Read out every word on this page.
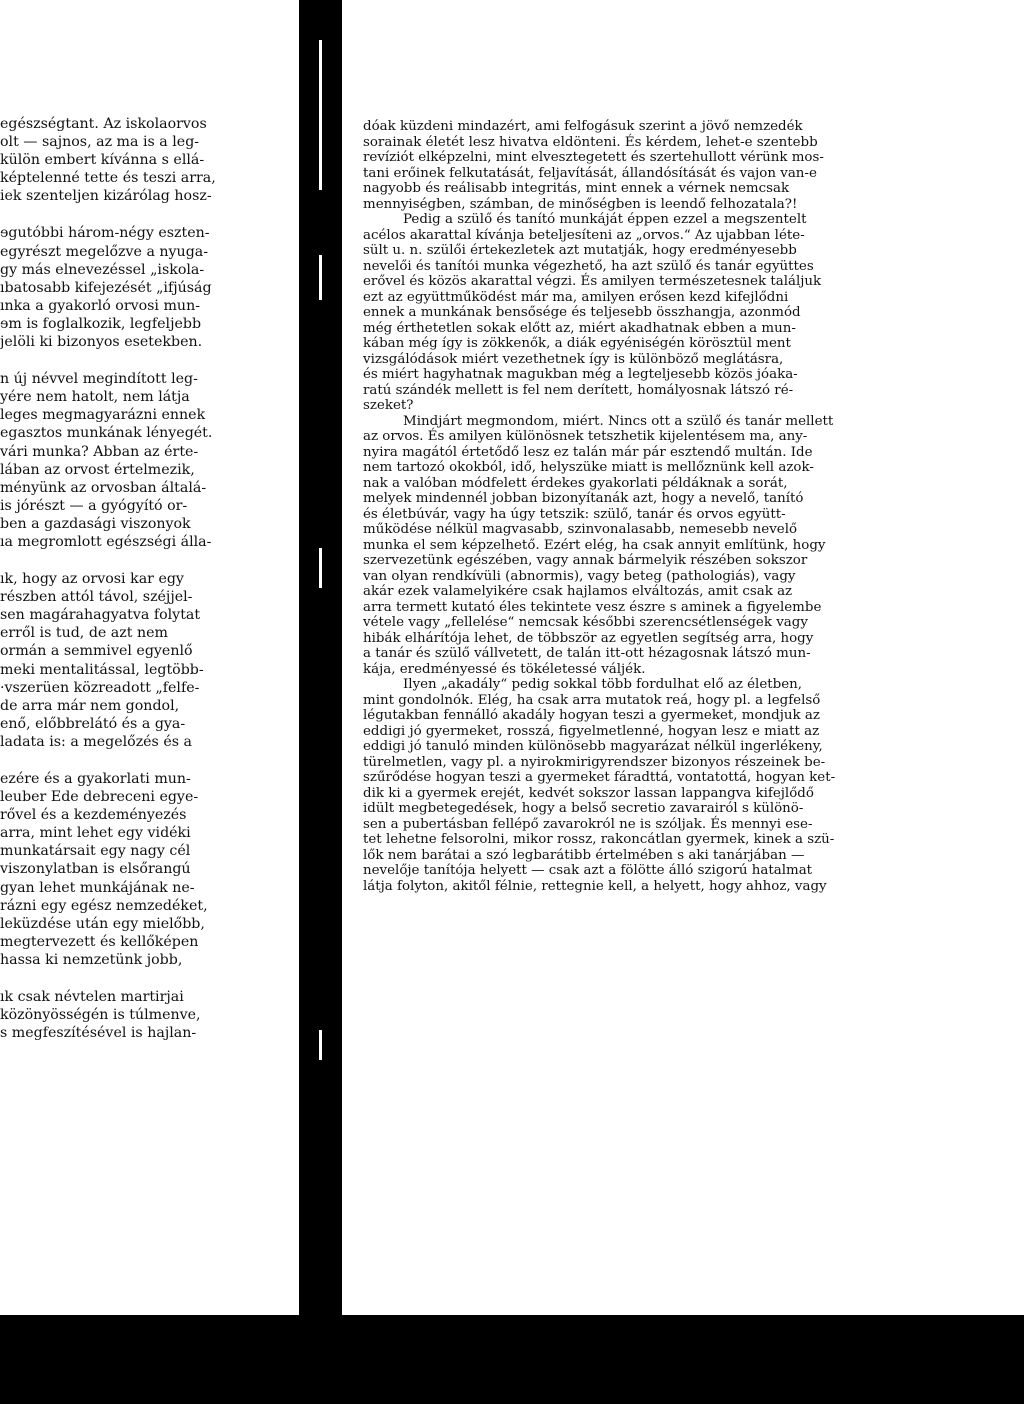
egészségtant. Az iskolaorvos
olt — sajnos, az ma is a leg-
külön embert kívánna s ellá-
képtelenné tette és teszi arra,
iek szenteljen kizárólag hosz-
ɘgutóbbi három-négy eszten-
egyrészt megelőzve a nyuga-
gy más elnevezéssel „iskola-
ıbatosabb kifejezését „ifjúság
ınka a gyakorló orvosi mun-
ɘm is foglalkozik, legfeljebb
jelöli ki bizonyos esetekben.
n új névvel megindított leg-
yére nem hatolt, nem látja
leges megmagyarázni ennek
egasztos munkának lényegét.
vári munka? Abban az érte-
lában az orvost értelmezik,
ményünk az orvosban általá-
is jórészt — a gyógyító or-
ben a gazdasági viszonyok
ıa megromlott egészségi álla-
ık, hogy az orvosi kar egy
részben attól távol, széjjel-
sen magárahagyatva folytat
erről is tud, de azt nem
ormán a semmivel egyenlő
meki mentalitással, legtöbb-
·vszerüen közreadott „felfe-
de arra már nem gondol,
enő, előbbrelátó és a gya-
ladata is: a megelőzés és a
ezére és a gyakorlati mun-
leuber Ede debreceni egye-
rővel és a kezdeményezés
arra, mint lehet egy vidéki
munkatársait egy nagy cél
viszonylatban is elsőrangú
gyan lehet munkájának ne-
rázni egy egész nemzedéket,
leküzdése után egy mielőbb,
megtervezett és kellőképen
hassa ki nemzetünk jobb,
ık csak névtelen martirjai
közönyösségén is túlmenve,
s megfeszítésével is hajlan-
dóak küzdeni mindazért, ami felfogásuk szerint a jövő nemzedék
sorainak életét lesz hivatva eldönteni. És kérdem, lehet-e szentebb
revíziót elképzelni, mint elvesztegetett és szertehullott vérünk mos-
tani erőinek felkutatását, feljavítását, állandósítását és vajon van-e
nagyobb és reálisabb integritás, mint ennek a vérnek nemcsak
mennyiségben, számban, de minőségben is leendő felhozatala?!
Pedig a szülő és tanító munkáját éppen ezzel a megszentelt
acélos akarattal kívánja beteljesíteni az „orvos.“ Az ujabban léte-
sült u. n. szülői értekezletek azt mutatják, hogy eredményesebb
nevelői és tanítói munka végezhető, ha azt szülő és tanár együttes
erővel és közös akarattal végzi. És amilyen természetesnek találjuk
ezt az együttműködést már ma, amilyen erősen kezd kifejlődni
ennek a munkának bensősége és teljesebb összhangja, azonmód
még érthetetlen sokak előtt az, miért akadhatnak ebben a mun-
kában még így is zökkenők, a diák egyéniségén körösztül ment
vizsgálódások miért vezethetnek így is különböző meglátásra,
és miért hagyhatnak magukban még a legteljesebb közös jóaka-
ratú szándék mellett is fel nem derített, homályosnak látszó ré-
szeket?
Mindjárt megmondom, miért. Nincs ott a szülő és tanár mellett
az orvos. És amilyen különösnek tetszhetik kijelentésem ma, any-
nyira magától értetődő lesz ez talán már pár esztendő multán. Ide
nem tartozó okokból, idő, helyszüke miatt is mellőznünk kell azok-
nak a valóban módfelett érdekes gyakorlati példáknak a sorát,
melyek mindennél jobban bizonyítanák azt, hogy a nevelő, tanító
és életbúvár, vagy ha úgy tetszik: szülő, tanár és orvos együtt-
működése nélkül magvasabb, szinvonalasabb, nemesebb nevelő
munka el sem képzelhető. Ezért elég, ha csak annyit említünk, hogy
szervezetünk egészében, vagy annak bármelyik részében sokszor
van olyan rendkívüli (abnormis), vagy beteg (pathologiás), vagy
akár ezek valamelyikére csak hajlamos elváltozás, amit csak az
arra termett kutató éles tekintete vesz észre s aminek a figyelembe
vétele vagy „fellelése“ nemcsak későbbi szerencsétlenségek vagy
hibák elhárítója lehet, de többször az egyetlen segítség arra, hogy
a tanár és szülő vállvetett, de talán itt-ott hézagosnak látszó mun-
kája, eredményessé és tökéletessé váljék.
Ilyen „akadály“ pedig sokkal több fordulhat elő az életben,
mint gondolnók. Elég, ha csak arra mutatok reá, hogy pl. a legfelső
légutakban fennálló akadály hogyan teszi a gyermeket, mondjuk az
eddigi jó gyermeket, rosszá, figyelmetlenné, hogyan lesz e miatt az
eddigi jó tanuló minden különösebb magyarázat nélkül ingerlékeny,
türelmetlen, vagy pl. a nyirokmirigyrendszer bizonyos részeinek be-
szűrődése hogyan teszi a gyermeket fáradttá, vontatottá, hogyan ket-
dik ki a gyermek erejét, kedvét sokszor lassan lappangva kifejlődő
idült megbetegedések, hogy a belső secretio zavarairól s különö-
sen a pubertásban fellépő zavarokról ne is szóljak. És mennyi ese-
tet lehetne felsorolni, mikor rossz, rakoncátlan gyermek, kinek a szü-
lők nem barátai a szó legbarátibb értelmében s aki tanárjában —
nevelője tanítója helyett — csak azt a fölötte álló szigorú hatalmat
látja folyton, akitől félnie, rettegnie kell, a helyett, hogy ahhoz, vagy
